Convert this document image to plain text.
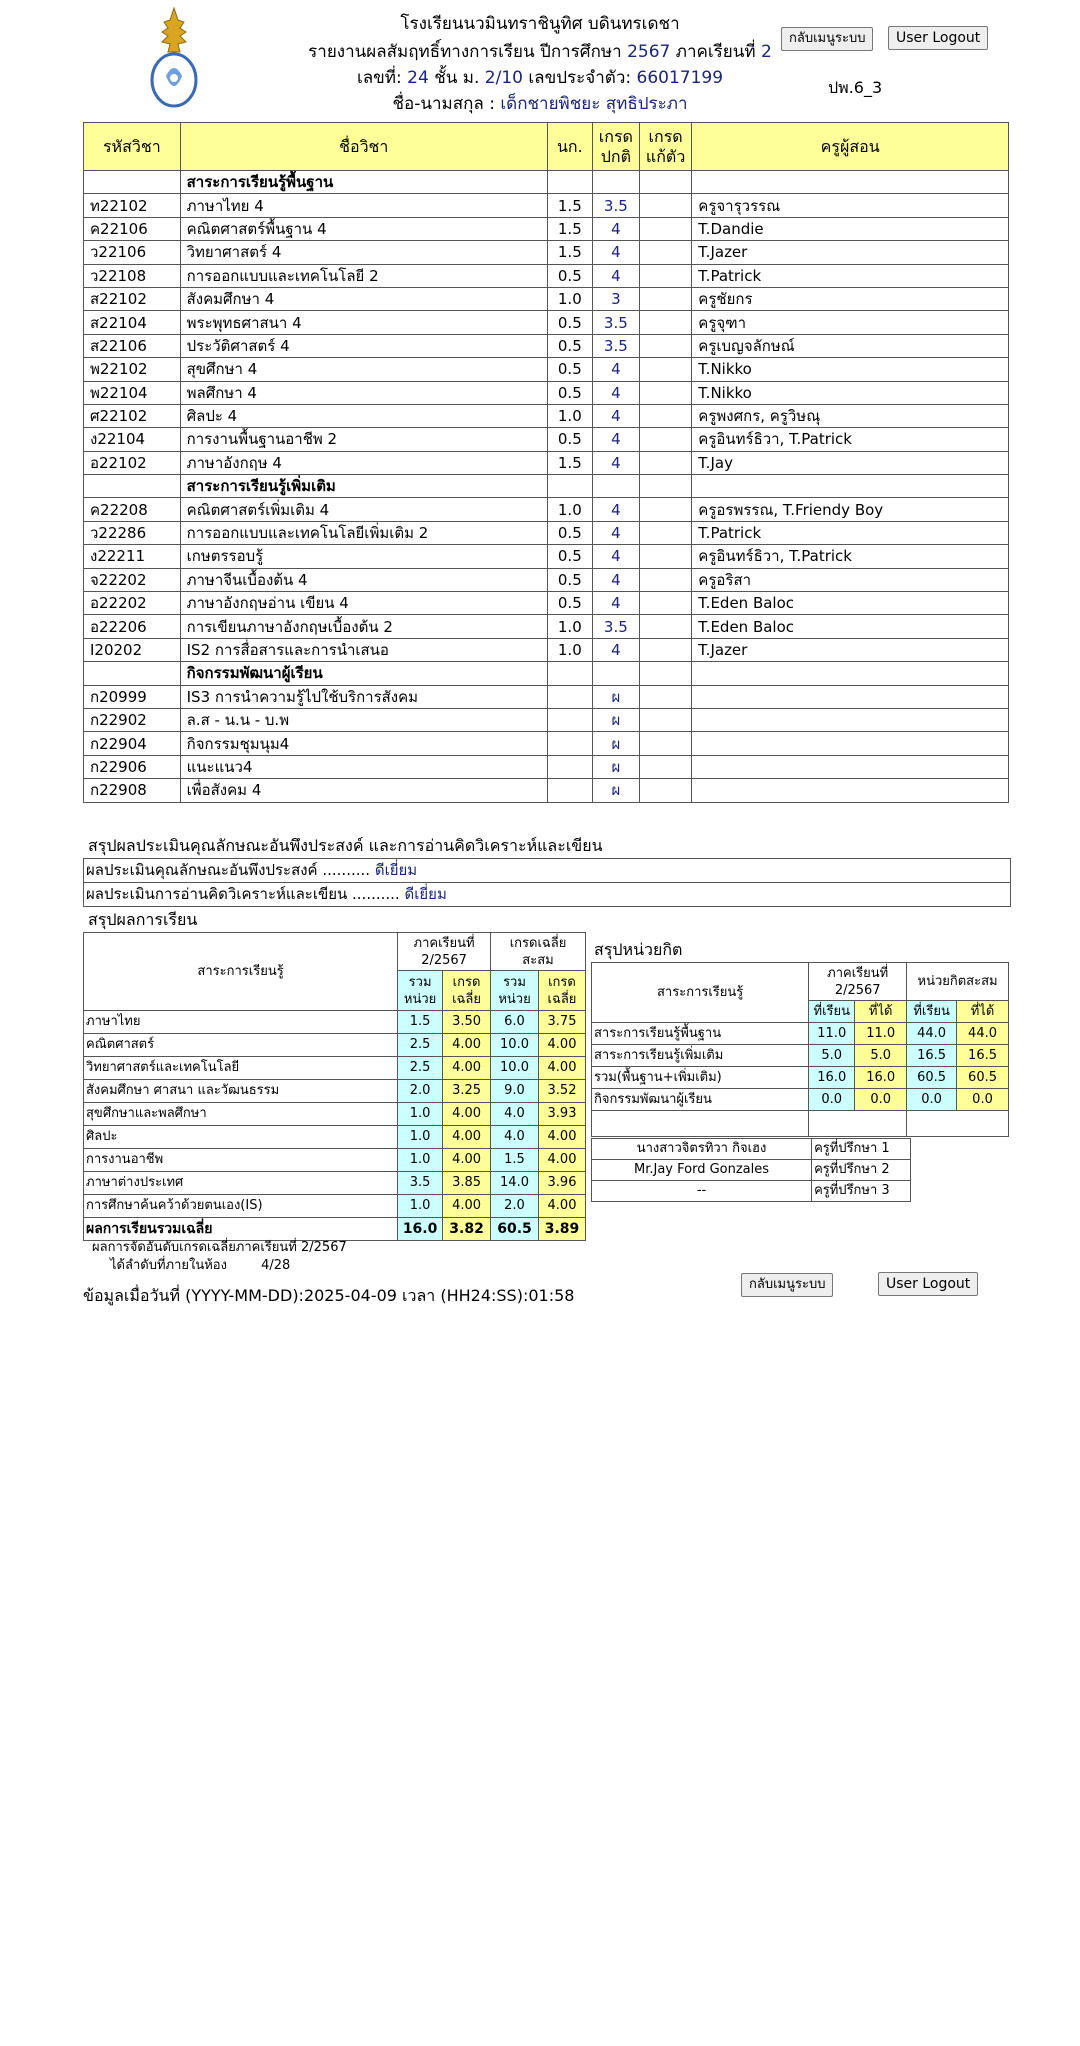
โรงเรียนนวมินทราชินูทิศ บดินทรเดชา
รายงานผลสัมฤทธิ์ทางการเรียน ปีการศึกษา 2567 ภาคเรียนที่ 2
เลขที่: 24 ชั้น ม. 2/10 เลขประจำตัว: 66017199
ชื่อ-นามสกุล : เด็กชายพิชยะ สุทธิประภา
กลับเมนูระบบ	User Logout
ปพ.6_3
รหัสวิชา	ชื่อวิชา	นก.	เกรด ปกติ	เกรด แก้ตัว	ครูผู้สอน
	สาระการเรียนรู้พื้นฐาน				
ท22102	ภาษาไทย 4	1.5	3.5		ครูจารุวรรณ
ค22106	คณิตศาสตร์พื้นฐาน 4	1.5	4		T.Dandie
ว22106	วิทยาศาสตร์ 4	1.5	4		T.Jazer
ว22108	การออกแบบและเทคโนโลยี 2	0.5	4		T.Patrick
ส22102	สังคมศึกษา 4	1.0	3		ครูชัยกร
ส22104	พระพุทธศาสนา 4	0.5	3.5		ครูจุฑา
ส22106	ประวัติศาสตร์ 4	0.5	3.5		ครูเบญจลักษณ์
พ22102	สุขศึกษา 4	0.5	4		T.Nikko
พ22104	พลศึกษา 4	0.5	4		T.Nikko
ศ22102	ศิลปะ 4	1.0	4		ครูพงศกร, ครูวิษณุ
ง22104	การงานพื้นฐานอาชีพ 2	0.5	4		ครูอินทร์ธิวา, T.Patrick
อ22102	ภาษาอังกฤษ 4	1.5	4		T.Jay
	สาระการเรียนรู้เพิ่มเติม				
ค22208	คณิตศาสตร์เพิ่มเติม 4	1.0	4		ครูอรพรรณ, T.Friendy Boy
ว22286	การออกแบบและเทคโนโลยีเพิ่มเติม 2	0.5	4		T.Patrick
ง22211	เกษตรรอบรู้	0.5	4		ครูอินทร์ธิวา, T.Patrick
จ22202	ภาษาจีนเบื้องต้น 4	0.5	4		ครูอริสา
อ22202	ภาษาอังกฤษอ่าน เขียน 4	0.5	4		T.Eden Baloc
อ22206	การเขียนภาษาอังกฤษเบื้องต้น 2	1.0	3.5		T.Eden Baloc
I20202	IS2 การสื่อสารและการนำเสนอ	1.0	4		T.Jazer
	กิจกรรมพัฒนาผู้เรียน				
ก20999	IS3 การนำความรู้ไปใช้บริการสังคม		ผ		
ก22902	ล.ส - น.น - บ.พ		ผ		
ก22904	กิจกรรมชุมนุม4		ผ		
ก22906	แนะแนว4		ผ		
ก22908	เพื่อสังคม 4		ผ		
สรุปผลประเมินคุณลักษณะอันพึงประสงค์ และการอ่านคิดวิเคราะห์และเขียน
ผลประเมินคุณลักษณะอันพึงประสงค์ .......... ดีเยี่ยม
ผลประเมินการอ่านคิดวิเคราะห์และเขียน .......... ดีเยี่ยม
สรุปผลการเรียน
สาระการเรียนรู้	ภาคเรียนที่ 2/2567		เกรดเฉลี่ย สะสม	
	รวม หน่วย	เกรด เฉลี่ย	รวม หน่วย	เกรด เฉลี่ย
ภาษาไทย	1.5	3.50	6.0	3.75
คณิตศาสตร์	2.5	4.00	10.0	4.00
วิทยาศาสตร์และเทคโนโลยี	2.5	4.00	10.0	4.00
สังคมศึกษา ศาสนา และวัฒนธรรม	2.0	3.25	9.0	3.52
สุขศึกษาและพลศึกษา	1.0	4.00	4.0	3.93
ศิลปะ	1.0	4.00	4.0	4.00
การงานอาชีพ	1.0	4.00	1.5	4.00
ภาษาต่างประเทศ	3.5	3.85	14.0	3.96
การศึกษาค้นคว้าด้วยตนเอง(IS)	1.0	4.00	2.0	4.00
ผลการเรียนรวมเฉลี่ย	16.0	3.82	60.5	3.89
ผลการจัดอันดับเกรดเฉลี่ยภาคเรียนที่ 2/2567
ได้ลำดับที่ภายในห้อง	4/28
สรุปหน่วยกิต
สาระการเรียนรู้	ภาคเรียนที่ 2/2567		หน่วยกิตสะสม	
	ที่เรียน	ที่ได้	ที่เรียน	ที่ได้
สาระการเรียนรู้พื้นฐาน	11.0	11.0	44.0	44.0
สาระการเรียนรู้เพิ่มเติม	5.0	5.0	16.5	16.5
รวม(พื้นฐาน+เพิ่มเติม)	16.0	16.0	60.5	60.5
กิจกรรมพัฒนาผู้เรียน	0.0	0.0	0.0	0.0

นางสาวจิตรทิวา กิจเฮง	ครูที่ปรึกษา 1
Mr.Jay Ford Gonzales	ครูที่ปรึกษา 2
--	ครูที่ปรึกษา 3
ข้อมูลเมื่อวันที่ (YYYY-MM-DD):2025-04-09 เวลา (HH24:SS):01:58
กลับเมนูระบบ	User Logout
